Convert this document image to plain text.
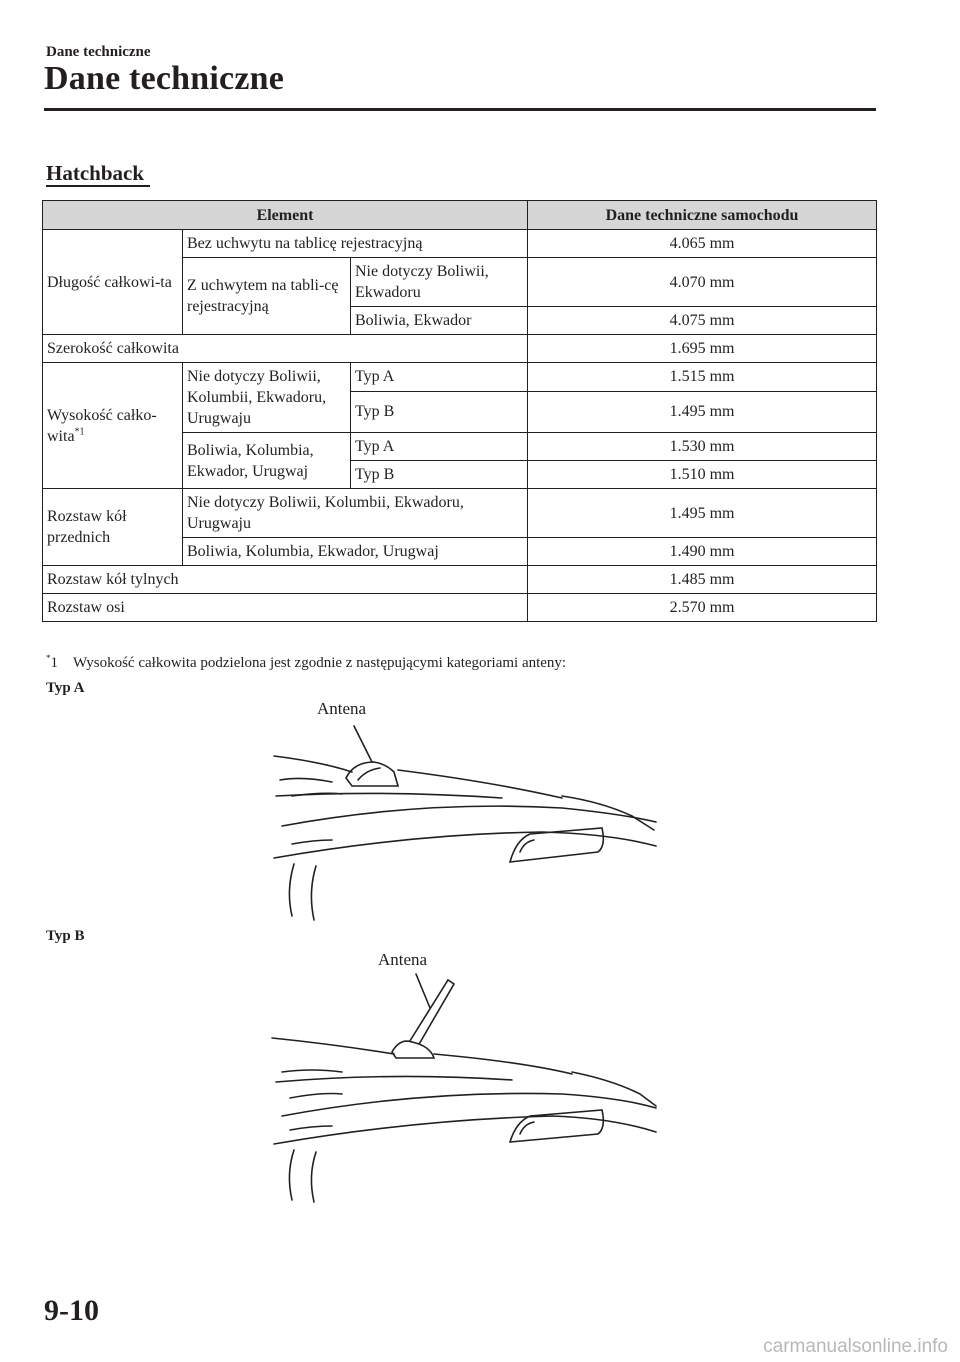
Dane techniczne
Dane techniczne
Hatchback
Element			Dane techniczne samochodu
Długość całkowi-ta	Bez uchwytu na tablicę rejestracyjną		4.065 mm
	Z uchwytem na tabli-cę rejestracyjną	Nie dotyczy Boliwii, Ekwadoru	4.070 mm
		Boliwia, Ekwador	4.075 mm
Szerokość całkowita			1.695 mm
Wysokość całko-wita$^{*1}$	Nie dotyczy Boliwii, Kolumbii, Ekwadoru, Urugwaju	Typ A	1.515 mm
		Typ B	1.495 mm
	Boliwia, Kolumbia, Ekwador, Urugwaj	Typ A	1.530 mm
		Typ B	1.510 mm
Rozstaw kół przednich	Nie dotyczy Boliwii, Kolumbii, Ekwadoru, Urugwaju		1.495 mm
	Boliwia, Kolumbia, Ekwador, Urugwaj		1.490 mm
Rozstaw kół tylnych			1.485 mm
Rozstaw osi			2.570 mm
*1 Wysokość całkowita podzielona jest zgodnie z następującymi kategoriami anteny:
Typ A
Antena
Typ B
Antena
9-10
carmanualsonline.info
